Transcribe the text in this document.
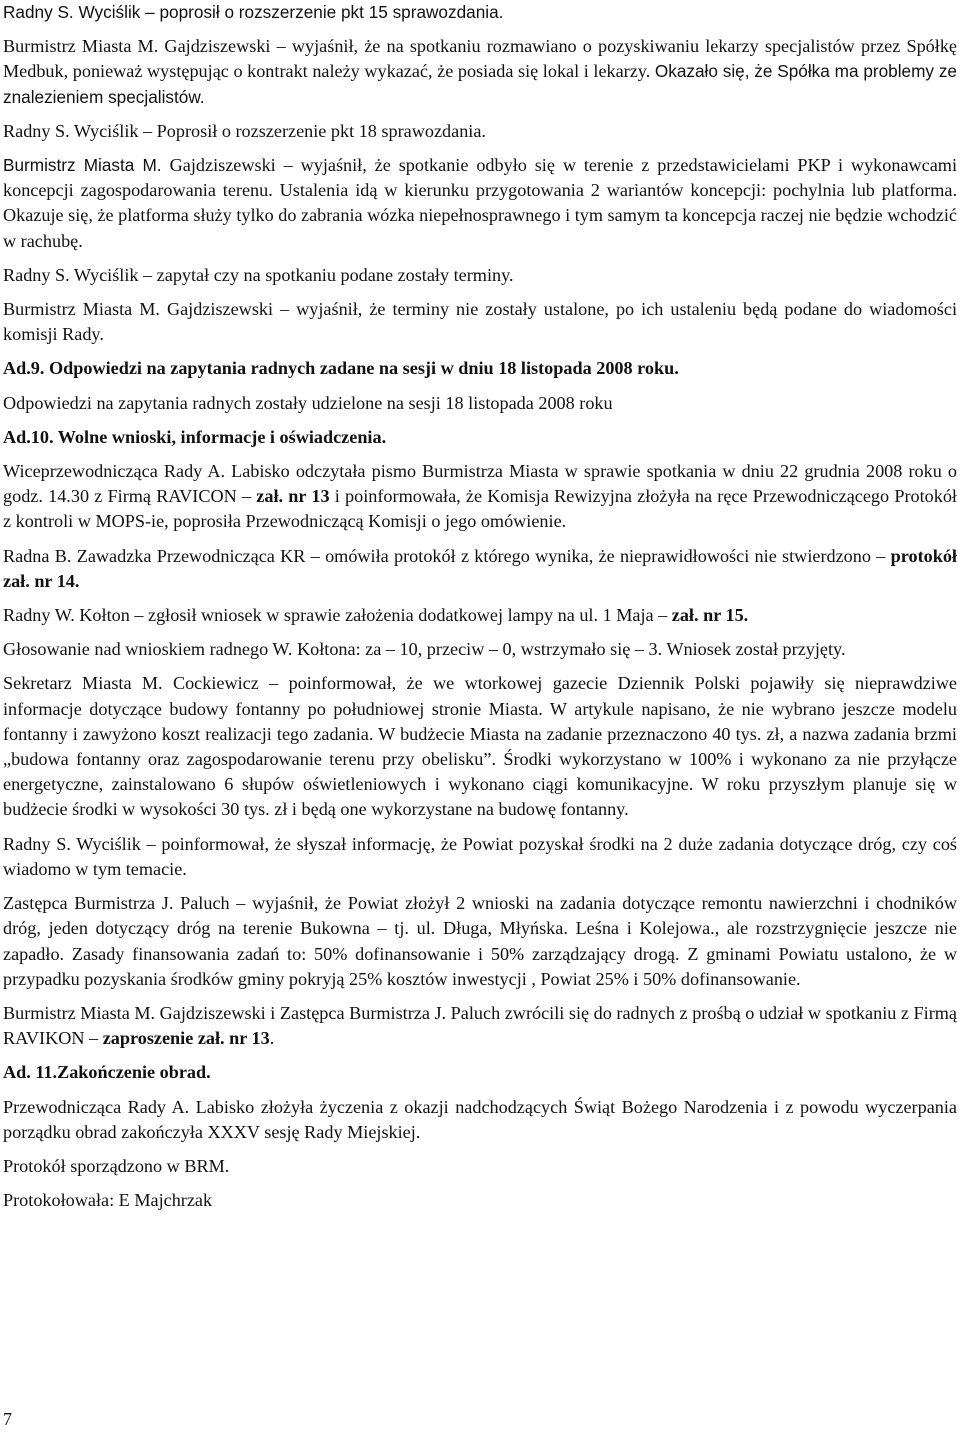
Radny S. Wyciślik – poprosił o rozszerzenie pkt 15 sprawozdania.

Burmistrz Miasta M. Gajdziszewski – wyjaśnił, że na spotkaniu rozmawiano o pozyskiwaniu lekarzy specjalistów przez Spółkę Medbuk, ponieważ występując o kontrakt należy wykazać, że posiada się lokal i lekarzy. Okazało się, że Spółka ma problemy ze znalezieniem specjalistów.

Radny S. Wyciślik – Poprosił o rozszerzenie pkt 18 sprawozdania.

Burmistrz Miasta M. Gajdziszewski – wyjaśnił, że spotkanie odbyło się w terenie z przedstawicielami PKP i wykonawcami koncepcji zagospodarowania terenu. Ustalenia idą w kierunku przygotowania 2 wariantów koncepcji: pochylnia lub platforma. Okazuje się, że platforma służy tylko do zabrania wózka niepełnosprawnego i tym samym ta koncepcja raczej nie będzie wchodzić w rachubę.

Radny S. Wyciślik – zapytał czy na spotkaniu podane zostały terminy.

Burmistrz Miasta M. Gajdziszewski – wyjaśnił, że terminy nie zostały ustalone, po ich ustaleniu będą podane do wiadomości komisji Rady.

Ad.9. Odpowiedzi na zapytania radnych zadane na sesji w dniu 18 listopada 2008 roku.

Odpowiedzi na zapytania radnych zostały udzielone na sesji 18 listopada 2008 roku

Ad.10. Wolne wnioski, informacje i oświadczenia.

Wiceprzewodnicząca Rady A. Labisko odczytała pismo Burmistrza Miasta w sprawie spotkania w dniu 22 grudnia 2008 roku o godz. 14.30 z Firmą RAVICON – zał. nr 13 i poinformowała, że Komisja Rewizyjna złożyła na ręce Przewodniczącego Protokół z kontroli w MOPS-ie, poprosiła Przewodniczącą Komisji o jego omówienie.

Radna B. Zawadzka Przewodnicząca KR – omówiła protokół z którego wynika, że nieprawidłowości nie stwierdzono – protokół zał. nr 14.

Radny W. Kołton – zgłosił wniosek w sprawie założenia dodatkowej lampy na ul. 1 Maja – zał. nr 15.

Głosowanie nad wnioskiem radnego W. Kołtona: za – 10, przeciw – 0, wstrzymało się – 3. Wniosek został przyjęty.

Sekretarz Miasta M. Cockiewicz – poinformował, że we wtorkowej gazecie Dziennik Polski pojawiły się nieprawdziwe informacje dotyczące budowy fontanny po południowej stronie Miasta. W artykule napisano, że nie wybrano jeszcze modelu fontanny i zawyżono koszt realizacji tego zadania. W budżecie Miasta na zadanie przeznaczono 40 tys. zł, a nazwa zadania brzmi „budowa fontanny oraz zagospodarowanie terenu przy obelisku”. Środki wykorzystano w 100% i wykonano za nie przyłącze energetyczne, zainstalowano 6 słupów oświetleniowych i wykonano ciągi komunikacyjne. W roku przyszłym planuje się w budżecie środki w wysokości 30 tys. zł i będą one wykorzystane na budowę fontanny.

Radny S. Wyciślik – poinformował, że słyszał informację, że Powiat pozyskał środki na 2 duże zadania dotyczące dróg, czy coś wiadomo w tym temacie.

Zastępca Burmistrza J. Paluch – wyjaśnił, że Powiat złożył 2 wnioski na zadania dotyczące remontu nawierzchni i chodników dróg, jeden dotyczący dróg na terenie Bukowna – tj. ul. Długa, Młyńska. Leśna i Kolejowa., ale rozstrzygnięcie jeszcze nie zapadło. Zasady finansowania zadań to: 50% dofinansowanie i 50% zarządzający drogą. Z gminami Powiatu ustalono, że w przypadku pozyskania środków gminy pokryją 25% kosztów inwestycji , Powiat 25% i 50% dofinansowanie.

Burmistrz Miasta M. Gajdziszewski i Zastępca Burmistrza J. Paluch zwrócili się do radnych z prośbą o udział w spotkaniu z Firmą RAVIKON – zaproszenie zał. nr 13.

Ad. 11.Zakończenie obrad.

Przewodnicząca Rady A. Labisko złożyła życzenia z okazji nadchodzących Świąt Bożego Narodzenia i z powodu wyczerpania porządku obrad zakończyła XXXV sesję Rady Miejskiej.

Protokół sporządzono w BRM.

Protokołowała: E Majchrzak

7
